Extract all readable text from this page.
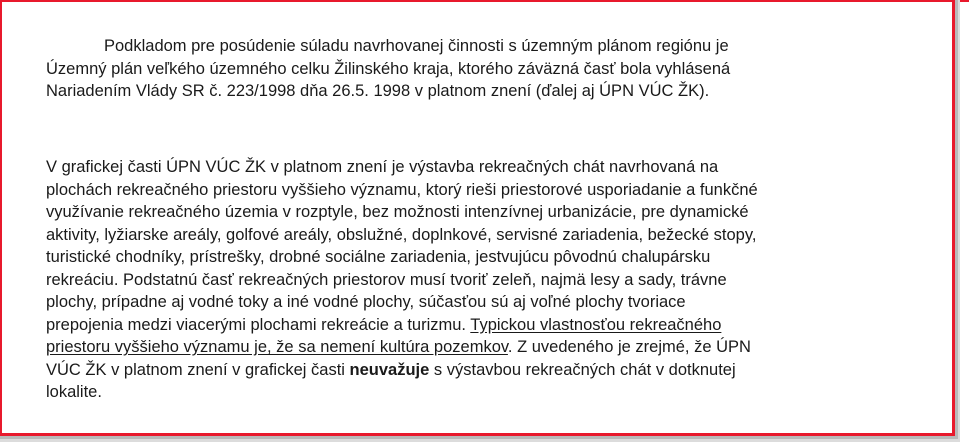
Podkladom pre posúdenie súladu navrhovanej činnosti s územným plánom regiónu je
Územný plán veľkého územného celku Žilinského kraja, ktorého záväzná časť bola vyhlásená
Nariadením Vlády SR č. 223/1998 dňa 26.5. 1998 v platnom znení (ďalej aj ÚPN VÚC ŽK).
V grafickej časti ÚPN VÚC ŽK v platnom znení je výstavba rekreačných chát navrhovaná na
plochách rekreačného priestoru vyššieho významu, ktorý rieši priestorové usporiadanie a funkčné
využívanie rekreačného územia v rozptyle, bez možnosti intenzívnej urbanizácie, pre dynamické
aktivity, lyžiarske areály, golfové areály, obslužné, doplnkové, servisné zariadenia, bežecké stopy,
turistické chodníky, prístrešky, drobné sociálne zariadenia, jestvujúcu pôvodnú chalupársku
rekreáciu. Podstatnú časť rekreačných priestorov musí tvoriť zeleň, najmä lesy a sady, trávne
plochy, prípadne aj vodné toky a iné vodné plochy, súčasťou sú aj voľné plochy tvoriace
prepojenia medzi viacerými plochami rekreácie a turizmu. Typickou vlastnosťou rekreačného
priestoru vyššieho významu je, že sa nemení kultúra pozemkov. Z uvedeného je zrejmé, že ÚPN
VÚC ŽK v platnom znení v grafickej časti neuvažuje s výstavbou rekreačných chát v dotknutej
lokalite.
